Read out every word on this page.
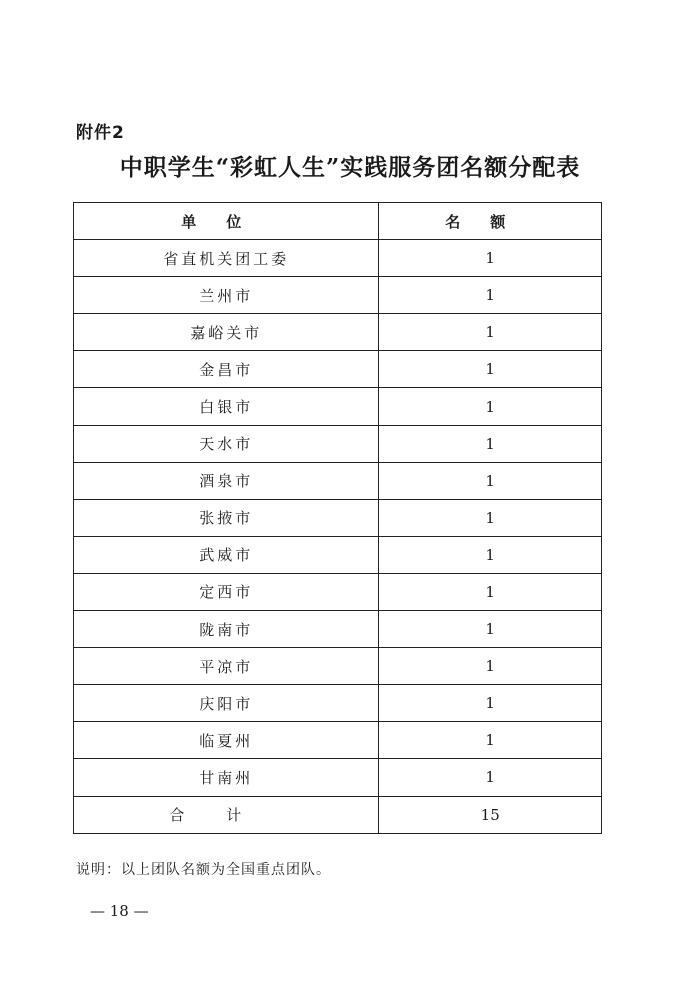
附件2
中职学生“彩虹人生”实践服务团名额分配表
单位	名额
省直机关团工委	1
兰州市	1
嘉峪关市	1
金昌市	1
白银市	1
天水市	1
酒泉市	1
张掖市	1
武威市	1
定西市	1
陇南市	1
平凉市	1
庆阳市	1
临夏州	1
甘南州	1
合计	15
说明：以上团队名额为全国重点团队。
— 18 —
